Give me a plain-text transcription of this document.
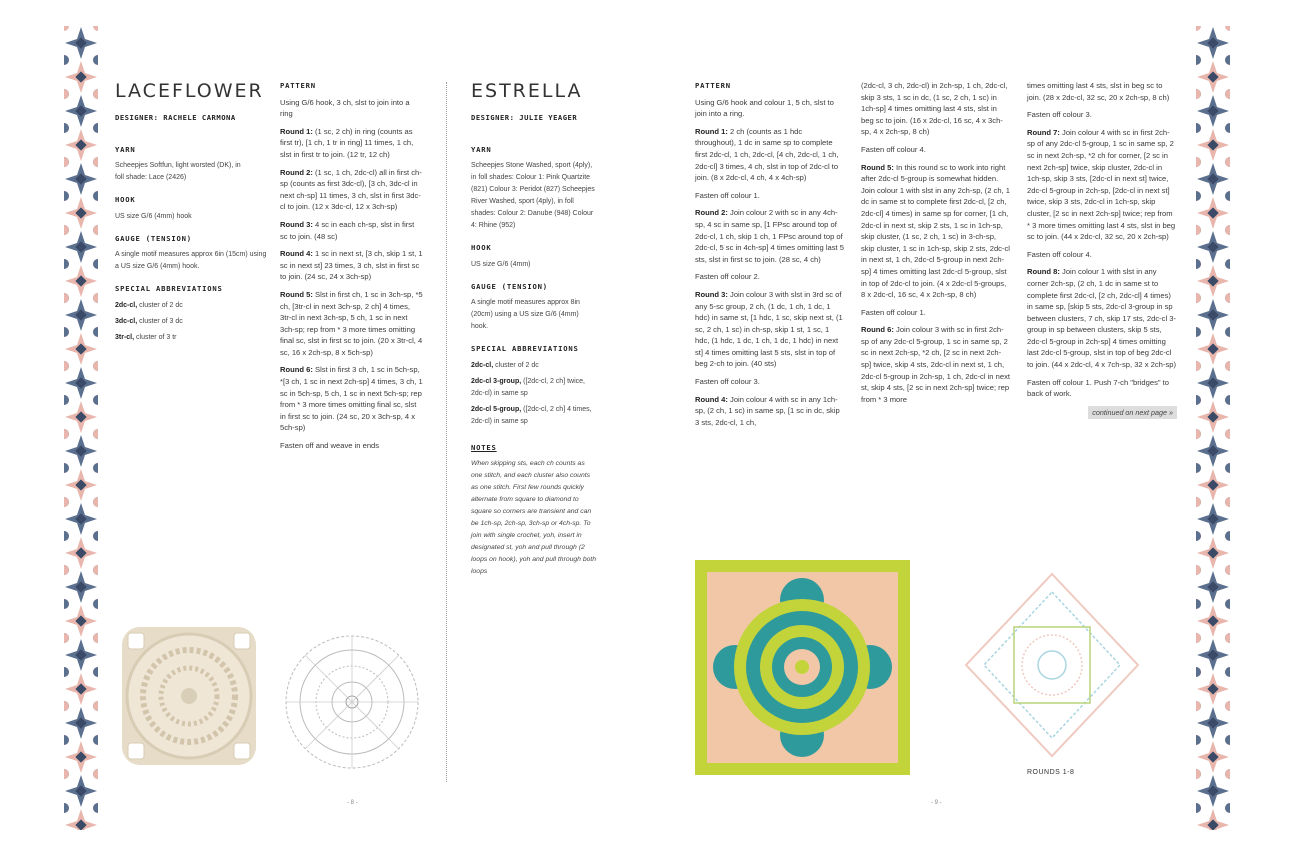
LACEFLOWER
DESIGNER: RACHELE CARMONA
YARN
Scheepjes Softfun, light worsted (DK), in foll shade: Lace (2426)
HOOK
US size G/6 (4mm) hook
GAUGE (TENSION)
A single motif measures approx 6in (15cm) using a US size G/6 (4mm) hook.
SPECIAL ABBREVIATIONS
2dc-cl, cluster of 2 dc
3dc-cl, cluster of 3 dc
3tr-cl, cluster of 3 tr
PATTERN

Using G/6 hook, 3 ch, slst to join into a ring

Round 1: (1 sc, 2 ch) in ring (counts as first tr), [1 ch, 1 tr in ring] 11 times, 1 ch, slst in first tr to join. (12 tr, 12 ch)

Round 2: (1 sc, 1 ch, 2dc-cl) all in first ch-sp (counts as first 3dc-cl), [3 ch, 3dc-cl in next ch-sp] 11 times, 3 ch, slst in first 3dc-cl to join. (12 x 3dc-cl, 12 x 3ch-sp)

Round 3: 4 sc in each ch-sp, slst in first sc to join. (48 sc)

Round 4: 1 sc in next st, [3 ch, skip 1 st, 1 sc in next st] 23 times, 3 ch, slst in first sc to join. (24 sc, 24 x 3ch-sp)

Round 5: Slst in first ch, 1 sc in 3ch-sp, *5 ch, [3tr-cl in next 3ch-sp, 2 ch] 4 times, 3tr-cl in next 3ch-sp, 5 ch, 1 sc in next 3ch-sp; rep from * 3 more times omitting final sc, slst in first sc to join. (20 x 3tr-cl, 4 sc, 16 x 2ch-sp, 8 x 5ch-sp)

Round 6: Slst in first 3 ch, 1 sc in 5ch-sp, *[3 ch, 1 sc in next 2ch-sp] 4 times, 3 ch, 1 sc in 5ch-sp, 5 ch, 1 sc in next 5ch-sp; rep from * 3 more times omitting final sc, slst in first sc to join. (24 sc, 20 x 3ch-sp, 4 x 5ch-sp)

Fasten off and weave in ends

ESTRELLA
DESIGNER: JULIE YEAGER
YARN
Scheepjes Stone Washed, sport (4ply), in foll shades: Colour 1: Pink Quartzite (821) Colour 3: Peridot (827) Scheepjes River Washed, sport (4ply), in foll shades: Colour 2: Danube (948) Colour 4: Rhine (952)
HOOK
US size G/6 (4mm)
GAUGE (TENSION)
A single motif measures approx 8in (20cm) using a US size G/6 (4mm) hook.
SPECIAL ABBREVIATIONS
2dc-cl, cluster of 2 dc
2dc-cl 3-group, ([2dc-cl, 2 ch] twice, 2dc-cl) in same sp
2dc-cl 5-group, ([2dc-cl, 2 ch] 4 times, 2dc-cl) in same sp
NOTES
When skipping sts, each ch counts as one stitch, and each cluster also counts as one stitch. First few rounds quickly alternate from square to diamond to square so corners are transient and can be 1ch-sp, 2ch-sp, 3ch-sp or 4ch-sp. To join with single crochet, yoh, insert in designated st, yoh and pull through (2 loops on hook), yoh and pull through both loops
PATTERN

Using G/6 hook and colour 1, 5 ch, slst to join into a ring.

Round 1: 2 ch (counts as 1 hdc throughout), 1 dc in same sp to complete first 2dc-cl, 1 ch, 2dc-cl, [4 ch, 2dc-cl, 1 ch, 2dc-cl] 3 times, 4 ch, slst in top of 2dc-cl to join. (8 x 2dc-cl, 4 ch, 4 x 4ch-sp)

Fasten off colour 1.

Round 2: Join colour 2 with sc in any 4ch-sp, 4 sc in same sp, [1 FPsc around top of 2dc-cl, 1 ch, skip 1 ch, 1 FPsc around top of 2dc-cl, 5 sc in 4ch-sp] 4 times omitting last 5 sts, slst in first sc to join. (28 sc, 4 ch)

Fasten off colour 2.

Round 3: Join colour 3 with slst in 3rd sc of any 5-sc group, 2 ch, (1 dc, 1 ch, 1 dc, 1 hdc) in same st, [1 hdc, 1 sc, skip next st, (1 sc, 2 ch, 1 sc) in ch-sp, skip 1 st, 1 sc, 1 hdc, (1 hdc, 1 dc, 1 ch, 1 dc, 1 hdc) in next st] 4 times omitting last 5 sts, slst in top of beg 2-ch to join. (40 sts)

Fasten off colour 3.

Round 4: Join colour 4 with sc in any 1ch-sp, (2 ch, 1 sc) in same sp, [1 sc in dc, skip 3 sts, 2dc-cl, 1 ch,

(2dc-cl, 3 ch, 2dc-cl) in 2ch-sp, 1 ch, 2dc-cl, skip 3 sts, 1 sc in dc, (1 sc, 2 ch, 1 sc) in 1ch-sp] 4 times omitting last 4 sts, slst in beg sc to join. (16 x 2dc-cl, 16 sc, 4 x 3ch-sp, 4 x 2ch-sp, 8 ch)

Fasten off colour 4.

Round 5: In this round sc to work into right after 2dc-cl 5-group is somewhat hidden. Join colour 1 with slst in any 2ch-sp, (2 ch, 1 dc in same st to complete first 2dc-cl, [2 ch, 2dc-cl] 4 times) in same sp for corner, [1 ch, 2dc-cl in next st, skip 2 sts, 1 sc in 1ch-sp, skip cluster, (1 sc, 2 ch, 1 sc) in 3-ch-sp, skip cluster, 1 sc in 1ch-sp, skip 2 sts, 2dc-cl in next st, 1 ch, 2dc-cl 5-group in next 2ch-sp] 4 times omitting last 2dc-cl 5-group, slst in top of 2dc-cl to join. (4 x 2dc-cl 5-groups, 8 x 2dc-cl, 16 sc, 4 x 2ch-sp, 8 ch)

Fasten off colour 1.

Round 6: Join colour 3 with sc in first 2ch-sp of any 2dc-cl 5-group, 1 sc in same sp, 2 sc in next 2ch-sp, *2 ch, [2 sc in next 2ch-sp] twice, skip 4 sts, 2dc-cl in next st, 1 ch, 2dc-cl 5-group in 2ch-sp, 1 ch, 2dc-cl in next st, skip 4 sts, [2 sc in next 2ch-sp] twice; rep from * 3 more

times omitting last 4 sts, slst in beg sc to join. (28 x 2dc-cl, 32 sc, 20 x 2ch-sp, 8 ch)

Fasten off colour 3.

Round 7: Join colour 4 with sc in first 2ch-sp of any 2dc-cl 5-group, 1 sc in same sp, 2 sc in next 2ch-sp, *2 ch for corner, [2 sc in next 2ch-sp] twice, skip cluster, 2dc-cl in 1ch-sp, skip 3 sts, [2dc-cl in next st] twice, 2dc-cl 5-group in 2ch-sp, [2dc-cl in next st] twice, skip 3 sts, 2dc-cl in 1ch-sp, skip cluster, [2 sc in next 2ch-sp] twice; rep from * 3 more times omitting last 4 sts, slst in beg sc to join. (44 x 2dc-cl, 32 sc, 20 x 2ch-sp)

Fasten off colour 4.

Round 8: Join colour 1 with slst in any corner 2ch-sp, (2 ch, 1 dc in same st to complete first 2dc-cl, [2 ch, 2dc-cl] 4 times) in same sp, [skip 5 sts, 2dc-cl 3-group in sp between clusters, 7 ch, skip 17 sts, 2dc-cl 3-group in sp between clusters, skip 5 sts, 2dc-cl 5-group in 2ch-sp] 4 times omitting last 2dc-cl 5-group, slst in top of beg 2dc-cl to join. (44 x 2dc-cl, 4 x 7ch-sp, 32 x 2ch-sp)

Fasten off colour 1. Push 7-ch "bridges" to back of work.

continued on next page »
ROUNDS 1-8
- 8 -	- 9 -
